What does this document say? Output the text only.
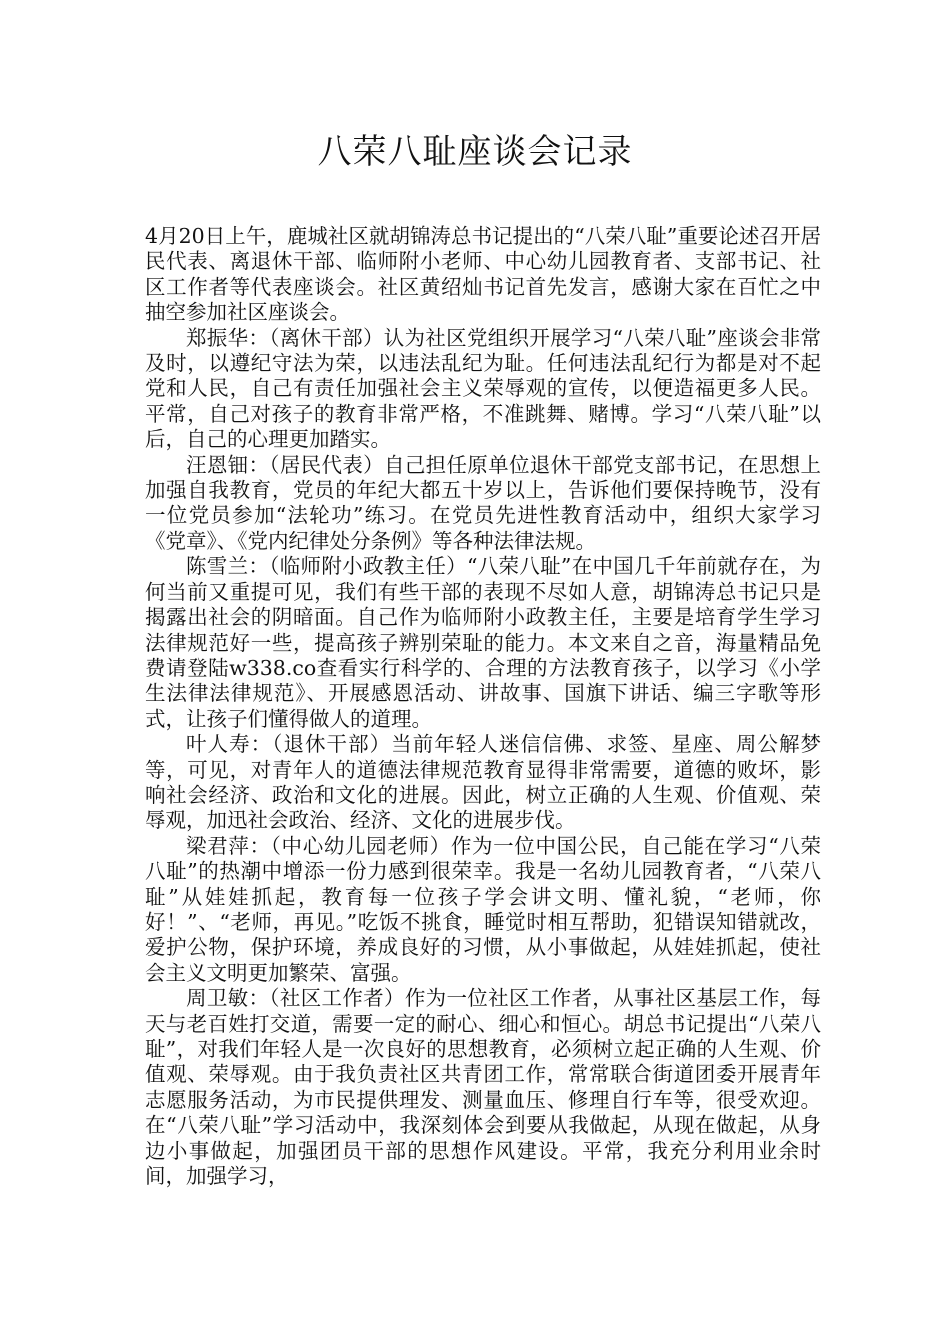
八荣八耻座谈会记录

4月20日上午，鹿城社区就胡锦涛总书记提出的“八荣八耻”重要论述召开居民代表、离退休干部、临师附小老师、中心幼儿园教育者、支部书记、社区工作者等代表座谈会。社区黄绍灿书记首先发言，感谢大家在百忙之中抽空参加社区座谈会。

郑振华：（离休干部）认为社区党组织开展学习“八荣八耻”座谈会非常及时，以遵纪守法为荣，以违法乱纪为耻。任何违法乱纪行为都是对不起党和人民，自己有责任加强社会主义荣辱观的宣传，以便造福更多人民。平常，自己对孩子的教育非常严格，不准跳舞、赌博。学习“八荣八耻”以后，自己的心理更加踏实。

汪恩钿：（居民代表）自己担任原单位退休干部党支部书记，在思想上加强自我教育，党员的年纪大都五十岁以上，告诉他们要保持晚节，没有一位党员参加“法轮功”练习。在党员先进性教育活动中，组织大家学习《党章》、《党内纪律处分条例》等各种法律法规。

陈雪兰：（临师附小政教主任）“八荣八耻”在中国几千年前就存在，为何当前又重提可见，我们有些干部的表现不尽如人意，胡锦涛总书记只是揭露出社会的阴暗面。自己作为临师附小政教主任，主要是培育学生学习法律规范好一些，提高孩子辨别荣耻的能力。本文来自之音，海量精品免费请登陆w338.co查看实行科学的、合理的方法教育孩子，以学习《小学生法律法律规范》、开展感恩活动、讲故事、国旗下讲话、编三字歌等形式，让孩子们懂得做人的道理。

叶人寿：（退休干部）当前年轻人迷信信佛、求签、星座、周公解梦等，可见，对青年人的道德法律规范教育显得非常需要，道德的败坏，影响社会经济、政治和文化的进展。因此，树立正确的人生观、价值观、荣辱观，加迅社会政治、经济、文化的进展步伐。

梁君萍：（中心幼儿园老师）作为一位中国公民，自己能在学习“八荣八耻”的热潮中增添一份力感到很荣幸。我是一名幼儿园教育者，“八荣八耻”从娃娃抓起，教育每一位孩子学会讲文明、懂礼貌，“老师，你好！”、“老师，再见。”吃饭不挑食，睡觉时相互帮助，犯错误知错就改，爱护公物，保护环境，养成良好的习惯，从小事做起，从娃娃抓起，使社会主义文明更加繁荣、富强。

周卫敏：（社区工作者）作为一位社区工作者，从事社区基层工作，每天与老百姓打交道，需要一定的耐心、细心和恒心。胡总书记提出“八荣八耻”，对我们年轻人是一次良好的思想教育，必须树立起正确的人生观、价值观、荣辱观。由于我负责社区共青团工作，常常联合街道团委开展青年志愿服务活动，为市民提供理发、测量血压、修理自行车等，很受欢迎。在“八荣八耻”学习活动中，我深刻体会到要从我做起，从现在做起，从身边小事做起，加强团员干部的思想作风建设。平常，我充分利用业余时间，加强学习，
